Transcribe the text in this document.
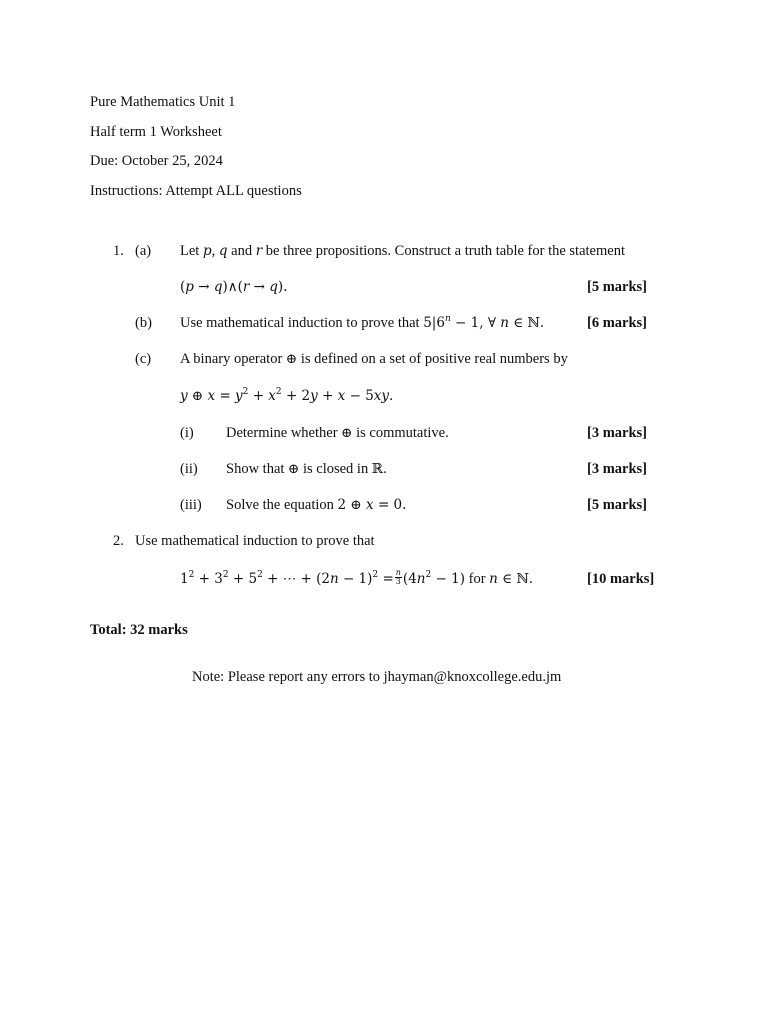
Pure Mathematics Unit 1
Half term 1 Worksheet
Due: October 25, 2024
Instructions: Attempt ALL questions
1. (a) Let p, q and r be three propositions. Construct a truth table for the statement
(p → q)∧(r → q).	[5 marks]
(b) Use mathematical induction to prove that $5|6^n - 1$, ∀ n ∈ ℕ.	[6 marks]
(c) A binary operator ⊕ is defined on a set of positive real numbers by
y ⊕ $x = y^2 + x^2 + 2y + x - 5xy$.
(i) Determine whether ⊕ is commutative.	[3 marks]
(ii) Show that ⊕ is closed in ℝ.	[3 marks]
(iii) Solve the equation 2 ⊕ x = 0.	[5 marks]
2. Use mathematical induction to prove that
$1^2 + 3^2 + 5^2$ + ⋯ + $(2n - 1)^2 = \frac{n}{3} (4n^2 - 1)$ for n ∈ ℕ.	[10 marks]
Total: 32 marks
Note: Please report any errors to jhayman@knoxcollege.edu.jm
